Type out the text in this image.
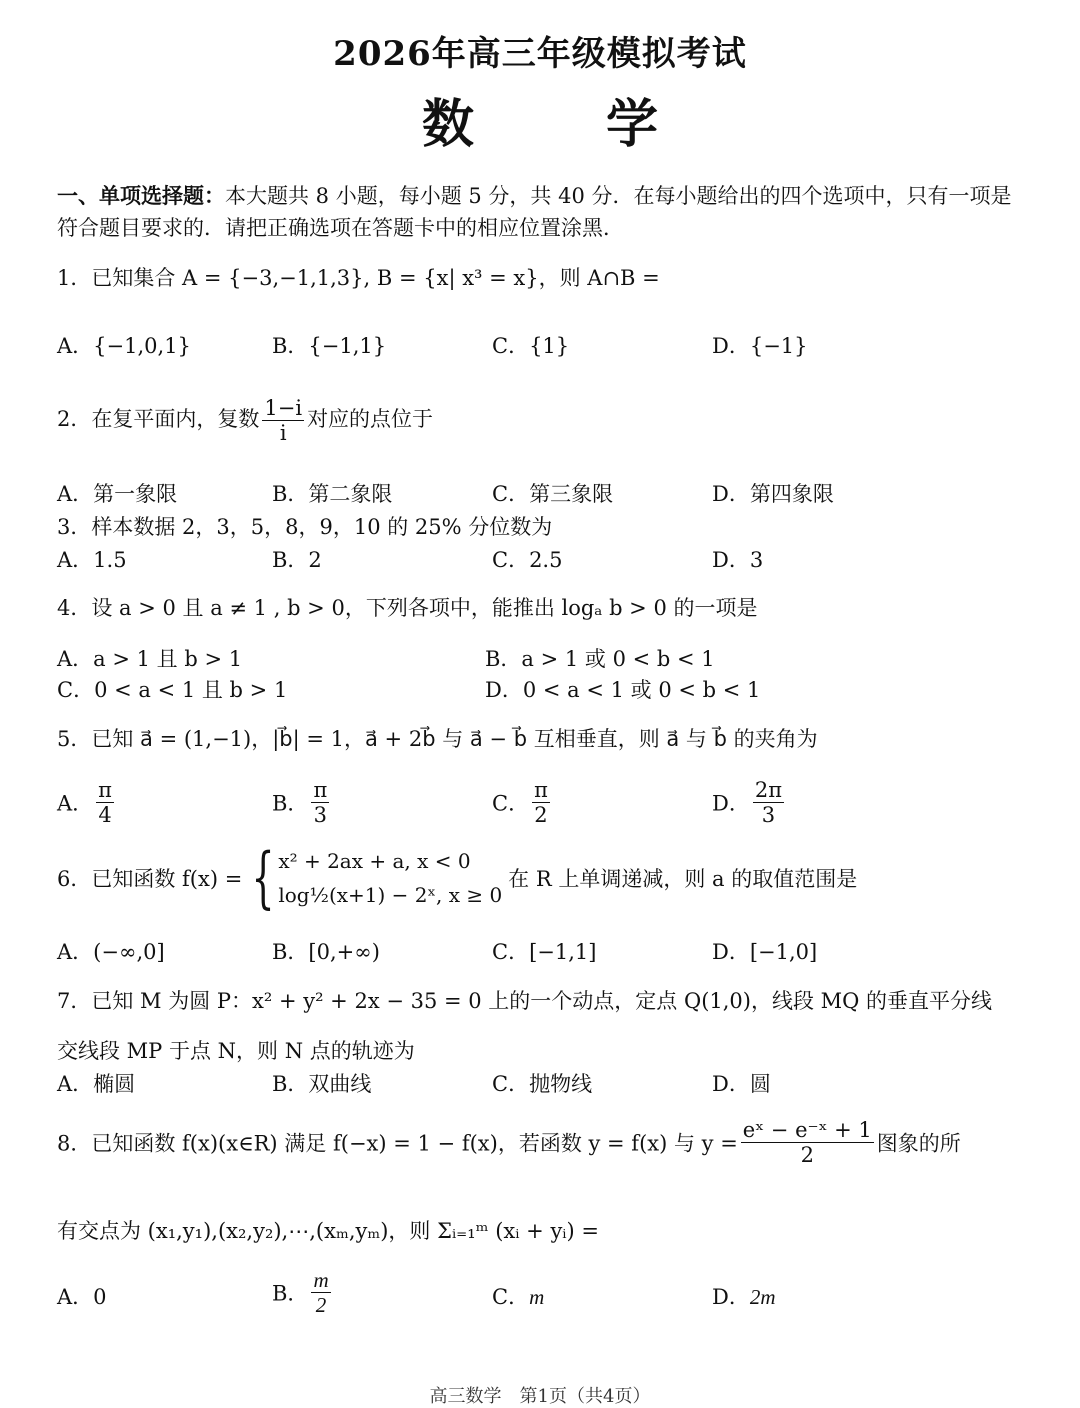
2026年高三年级模拟考试
数　学
一、单项选择题：本大题共 8 小题，每小题 5 分，共 40 分．在每小题给出的四个选项中，只有一项是符合题目要求的．请把正确选项在答题卡中的相应位置涂黑．
1．已知集合 A = {−3,−1,1,3}, B = {x| x³ = x}，则 A∩B =
A．{−1,0,1}	B．{−1,1}	C．{1}	D．{−1}
2．在复平面内，复数 $\frac{1-i}{i}$ 对应的点位于
A．第一象限	B．第二象限	C．第三象限	D．第四象限
3．样本数据 2，3，5，8，9，10 的 25% 分位数为
A．1.5	B．2	C．2.5	D．3
4．设 a > 0 且 a ≠ 1 , b > 0，下列各项中，能推出 logₐ b > 0 的一项是
A．a > 1 且 b > 1	B．a > 1 或 0 < b < 1
C．0 < a < 1 且 b > 1	D．0 < a < 1 或 0 < b < 1
5．已知 a⃗ = (1,−1)，|b⃗| = 1，a⃗ + 2b⃗ 与 a⃗ − b⃗ 互相垂直，则 a⃗ 与 b⃗ 的夹角为
A． $\frac{\pi}{4}$	B． $\frac{\pi}{3}$	C． $\frac{\pi}{2}$	D． $\frac{2\pi}{3}$
6．已知函数 f(x) = { x² + 2ax + a, x < 0
log½(x+1) − 2ˣ, x ≥ 0
在 R 上单调递减，则 a 的取值范围是
A．(−∞,0]	B．[0,+∞)	C．[−1,1]	D．[−1,0]
7．已知 M 为圆 P：x² + y² + 2x − 35 = 0 上的一个动点，定点 Q(1,0)，线段 MQ 的垂直平分线
交线段 MP 于点 N，则 N 点的轨迹为
A．椭圆	B．双曲线	C．抛物线	D．圆
8．已知函数 f(x)(x∈R) 满足 f(−x) = 1 − f(x)，若函数 y = f(x) 与 $y = \frac{\text{eˣ − e⁻ˣ + 1}}{2}$ 图象的所
有交点为 (x₁,y₁),(x₂,y₂),⋯,(xₘ,yₘ)，则 Σᵢ₌₁ᵐ (xᵢ + yᵢ) =
A．0	B． $\frac{m}{2}$	C．m	D．2m
高三数学　第1页（共4页）
